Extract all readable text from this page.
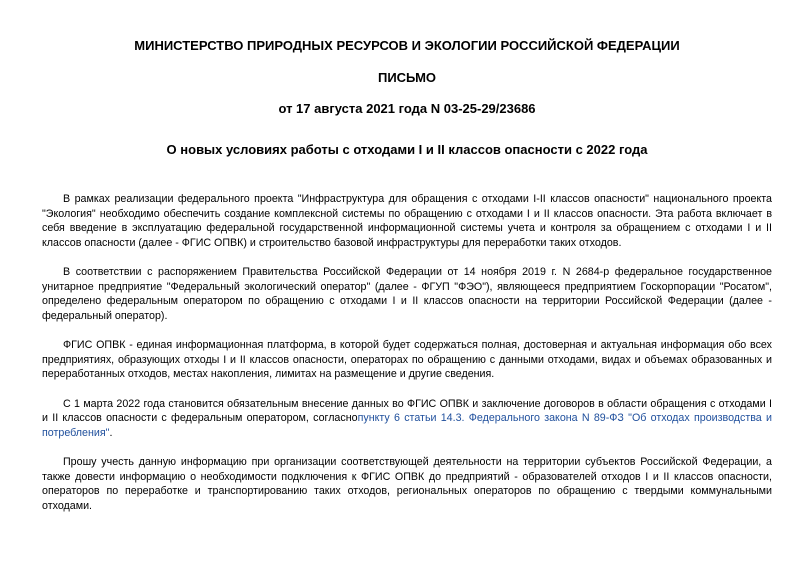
МИНИСТЕРСТВО ПРИРОДНЫХ РЕСУРСОВ И ЭКОЛОГИИ РОССИЙСКОЙ ФЕДЕРАЦИИ

ПИСЬМО

от 17 августа 2021 года N 03-25-29/23686

О новых условиях работы с отходами I и II классов опасности с 2022 года

В рамках реализации федерального проекта "Инфраструктура для обращения с отходами I-II классов опасности" национального проекта "Экология" необходимо обеспечить создание комплексной системы по обращению с отходами I и II классов опасности. Эта работа включает в себя введение в эксплуатацию федеральной государственной информационной системы учета и контроля за обращением с отходами I и II классов опасности (далее - ФГИС ОПВК) и строительство базовой инфраструктуры для переработки таких отходов.

В соответствии с распоряжением Правительства Российской Федерации от 14 ноября 2019 г. N 2684-р федеральное государственное унитарное предприятие "Федеральный экологический оператор" (далее - ФГУП "ФЭО"), являющееся предприятием Госкорпорации "Росатом", определено федеральным оператором по обращению с отходами I и II классов опасности на территории Российской Федерации (далее - федеральный оператор).

ФГИС ОПВК - единая информационная платформа, в которой будет содержаться полная, достоверная и актуальная информация обо всех предприятиях, образующих отходы I и II классов опасности, операторах по обращению с данными отходами, видах и объемах образованных и переработанных отходов, местах накопления, лимитах на размещение и другие сведения.

С 1 марта 2022 года становится обязательным внесение данных во ФГИС ОПВК и заключение договоров в области обращения с отходами I и II классов опасности с федеральным оператором, согласнопункту 6 статьи 14.3. Федерального закона N 89-ФЗ "Об отходах производства и потребления".

Прошу учесть данную информацию при организации соответствующей деятельности на территории субъектов Российской Федерации, а также довести информацию о необходимости подключения к ФГИС ОПВК до предприятий - образователей отходов I и II классов опасности, операторов по переработке и транспортированию таких отходов, региональных операторов по обращению с твердыми коммунальными отходами.
